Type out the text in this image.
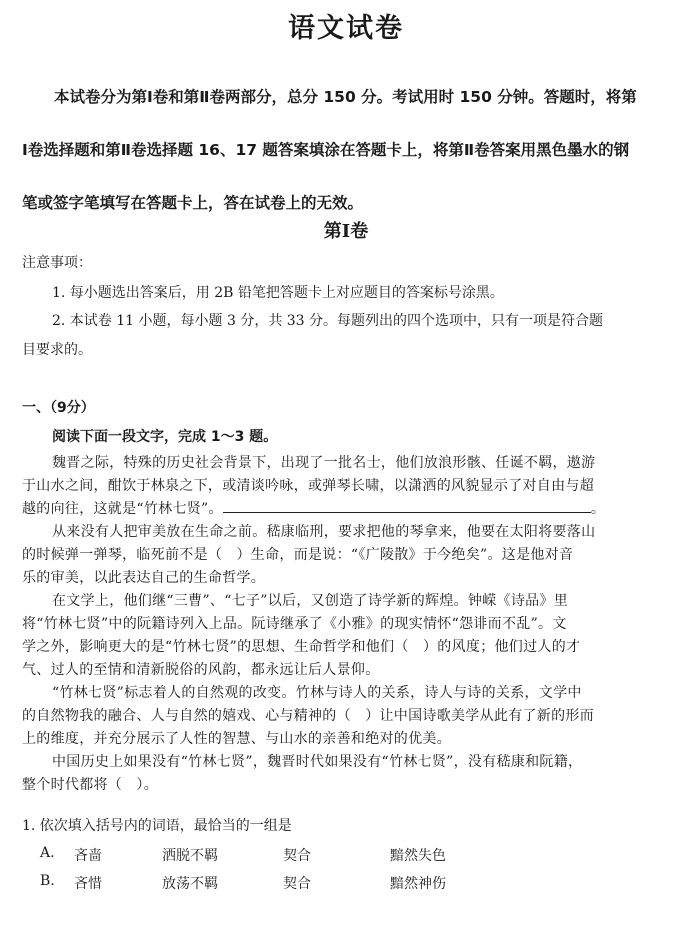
语文试卷
本试卷分为第Ⅰ卷和第Ⅱ卷两部分，总分 150 分。考试用时 150 分钟。答题时，将第
Ⅰ卷选择题和第Ⅱ卷选择题 16、17 题答案填涂在答题卡上，将第Ⅱ卷答案用黑色墨水的钢
笔或签字笔填写在答题卡上，答在试卷上的无效。
第Ⅰ卷
注意事项：
1. 每小题选出答案后，用 2B 铅笔把答题卡上对应题目的答案标号涂黑。
2. 本试卷 11 小题，每小题 3 分，共 33 分。每题列出的四个选项中，只有一项是符合题
目要求的。
一、（9分）
阅读下面一段文字，完成 1～3 题。
魏晋之际，特殊的历史社会背景下，出现了一批名士，他们放浪形骸、任诞不羁，遨游
于山水之间，酣饮于林泉之下，或清谈吟咏，或弹琴长啸，以潇洒的风貌显示了对自由与超
越的向往，这就是“竹林七贤”。	。
从来没有人把审美放在生命之前。嵇康临刑，要求把他的琴拿来，他要在太阳将要落山
的时候弹一弹琴，临死前不是（　）生命，而是说：“《广陵散》于今绝矣”。这是他对音
乐的审美，以此表达自己的生命哲学。
在文学上，他们继“三曹”、“七子”以后，又创造了诗学新的辉煌。钟嵘《诗品》里
将“竹林七贤”中的阮籍诗列入上品。阮诗继承了《小雅》的现实情怀“怨诽而不乱”。文
学之外，影响更大的是“竹林七贤”的思想、生命哲学和他们（　）的风度；他们过人的才
气、过人的至情和清新脱俗的风韵，都永远让后人景仰。
“竹林七贤”标志着人的自然观的改变。竹林与诗人的关系，诗人与诗的关系，文学中
的自然物我的融合、人与自然的嬉戏、心与精神的（　）让中国诗歌美学从此有了新的形而
上的维度，并充分展示了人性的智慧、与山水的亲善和绝对的优美。
中国历史上如果没有“竹林七贤”，魏晋时代如果没有“竹林七贤”，没有嵇康和阮籍，
整个时代都将（　）。
1. 依次填入括号内的词语，最恰当的一组是
A. 吝啬	洒脱不羁	契合	黯然失色
B. 吝惜	放荡不羁	契合	黯然神伤
